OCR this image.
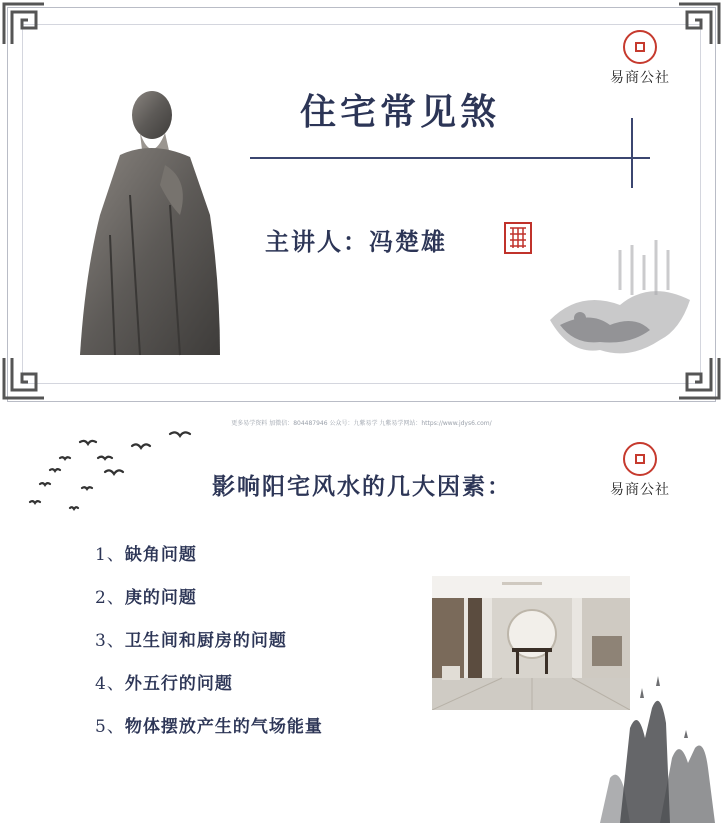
住宅常见煞
主讲人：冯楚雄
易商公社
更多易学资料 加微信：804487946 公众号：九紫易学 九紫易学网站：https://www.jdys6.com/
影响阳宅风水的几大因素：	易商公社
1、缺角问题
2、庚的问题
3、卫生间和厨房的问题
4、外五行的问题
5、物体摆放产生的气场能量
